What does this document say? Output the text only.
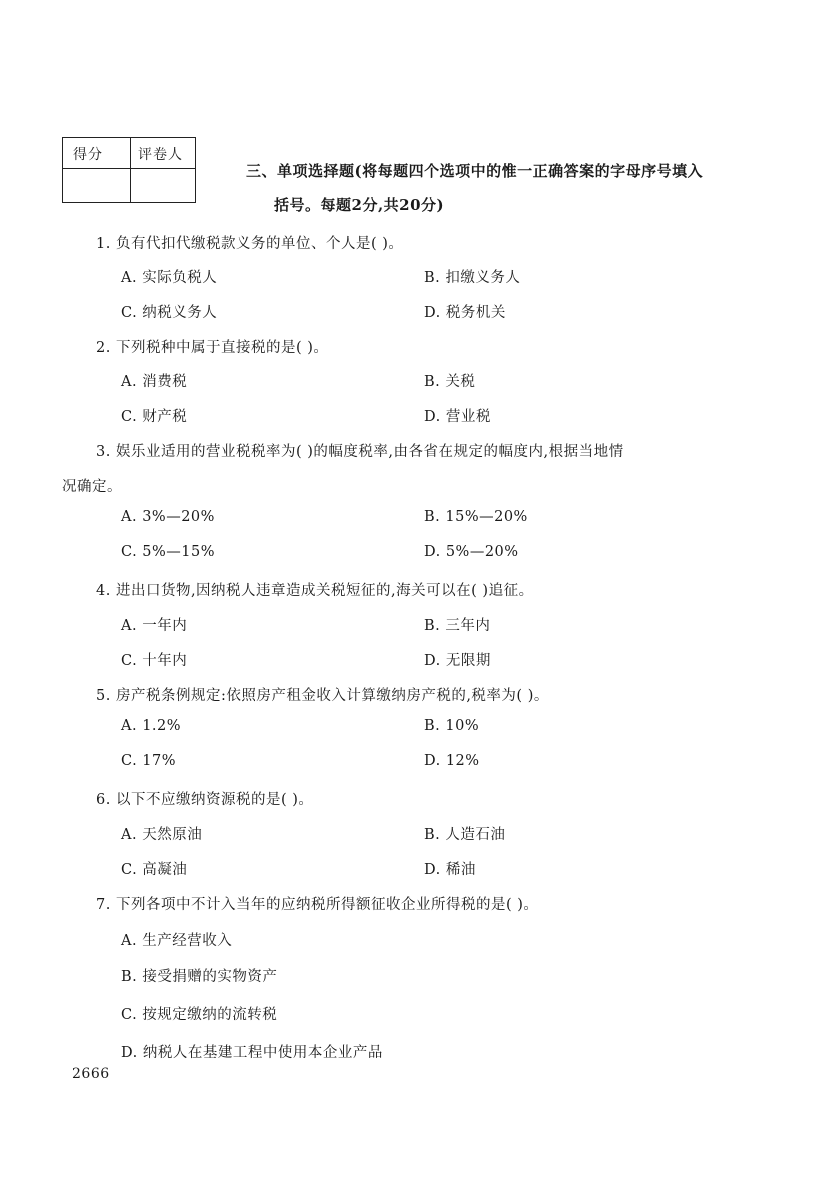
得分	评卷人
三、单项选择题(将每题四个选项中的惟一正确答案的字母序号填入
括号。每题2分,共20分)
1. 负有代扣代缴税款义务的单位、个人是( )。
A. 实际负税人	B. 扣缴义务人
C. 纳税义务人	D. 税务机关
2. 下列税种中属于直接税的是( )。
A. 消费税	B. 关税
C. 财产税	D. 营业税
3. 娱乐业适用的营业税税率为( )的幅度税率,由各省在规定的幅度内,根据当地情
况确定。
A. 3%—20%	B. 15%—20%
C. 5%—15%	D. 5%—20%
4. 进出口货物,因纳税人违章造成关税短征的,海关可以在( )追征。
A. 一年内	B. 三年内
C. 十年内	D. 无限期
5. 房产税条例规定:依照房产租金收入计算缴纳房产税的,税率为( )。
A. 1.2%	B. 10%
C. 17%	D. 12%
6. 以下不应缴纳资源税的是( )。
A. 天然原油	B. 人造石油
C. 高凝油	D. 稀油
7. 下列各项中不计入当年的应纳税所得额征收企业所得税的是( )。
A. 生产经营收入
B. 接受捐赠的实物资产
C. 按规定缴纳的流转税
D. 纳税人在基建工程中使用本企业产品
2666
